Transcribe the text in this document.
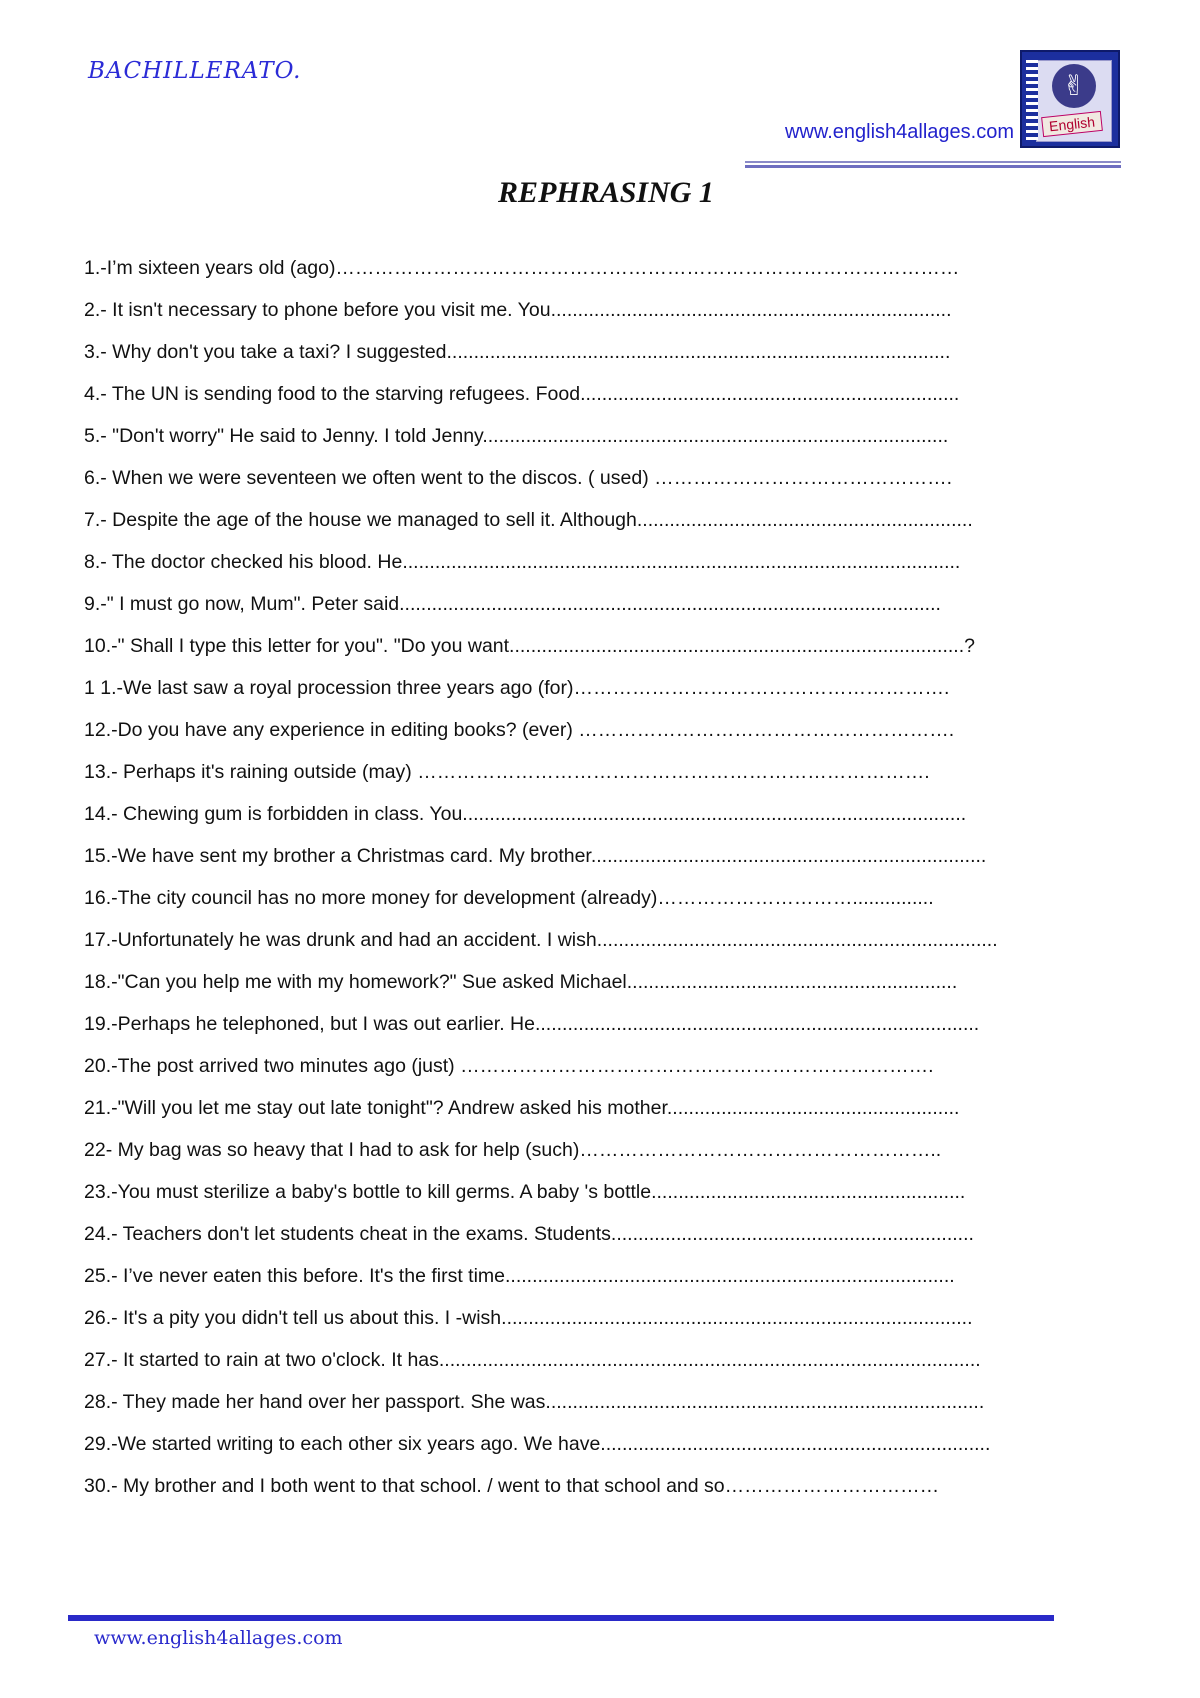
BACHILLERATO.
www.english4allages.com
✌
English
REPHRASING 1
1.-I’m sixteen years old (ago)……………………………………………………………………………………
2.- It isn't necessary to phone before you visit me. You..........................................................................
3.- Why don't you take a taxi? I suggested.............................................................................................
4.- The UN is sending food to the starving refugees. Food......................................................................
5.- "Don't worry" He said to Jenny. I told Jenny......................................................................................
6.- When we were seventeen we often went to the discos. ( used) ……………………………………….
7.- Despite the age of the house we managed to sell it. Although..............................................................
8.- The doctor checked his blood. He.......................................................................................................
9.-" I must go now, Mum". Peter said....................................................................................................
10.-" Shall I type this letter for you". "Do you want....................................................................................?
1 1.-We last saw a royal procession three years ago (for)………………………………………………….
12.-Do you have any experience in editing books? (ever) ………………………………………………….
13.- Perhaps it's raining outside (may) …………………………………………………………………….
14.- Chewing gum is forbidden in class. You.............................................................................................
15.-We have sent my brother a Christmas card. My brother.........................................................................
16.-The city council has no more money for development (already)…………………………...............
17.-Unfortunately he was drunk and had an accident. I wish..........................................................................
18.-"Can you help me with my homework?" Sue asked Michael.............................................................
19.-Perhaps he telephoned, but I was out earlier. He..................................................................................
20.-The post arrived two minutes ago (just) ……………………………………………………………….
21.-"Will you let me stay out late tonight"? Andrew asked his mother......................................................
22- My bag was so heavy that I had to ask for help (such)………………………………………………..
23.-You must sterilize a baby's bottle to kill germs. A baby 's bottle..........................................................
24.- Teachers don't let students cheat in the exams. Students...................................................................
25.- I’ve never eaten this before. It's the first time...................................................................................
26.- It's a pity you didn't tell us about this. I -wish.......................................................................................
27.- It started to rain at two o'clock. It has....................................................................................................
28.- They made her hand over her passport. She was.................................................................................
29.-We started writing to each other six years ago. We have........................................................................
30.- My brother and I both went to that school. / went to that school and so……………………………
www.english4allages.com
